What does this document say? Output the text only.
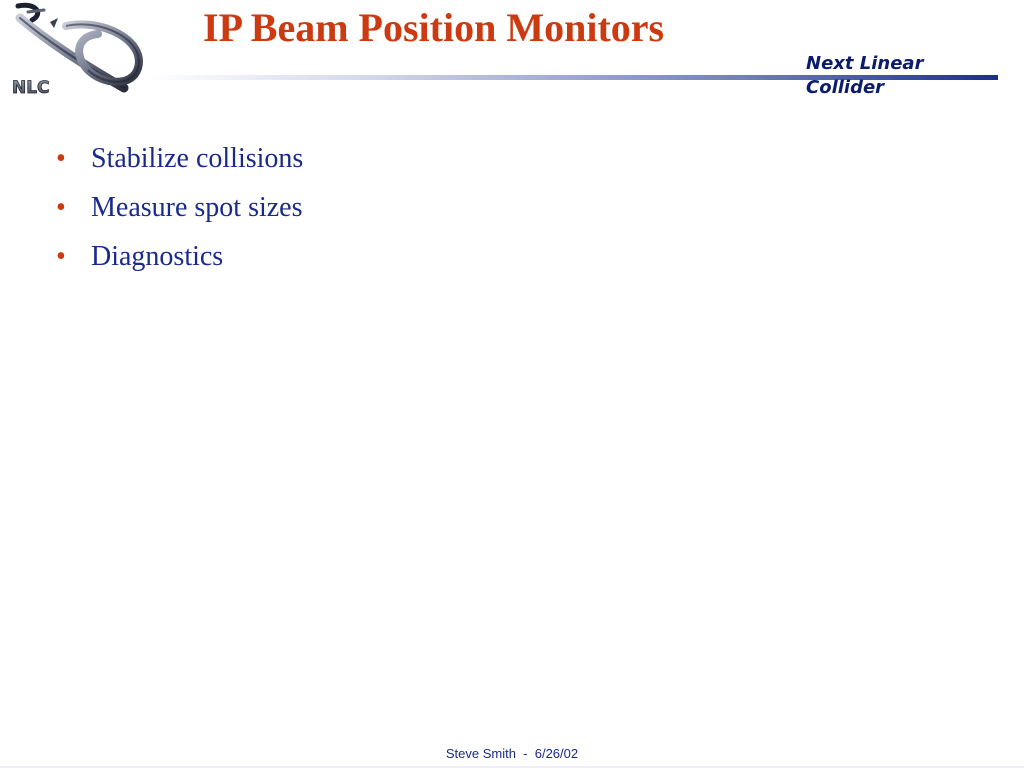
NLC
IP Beam Position Monitors
Next Linear
Collider
• Stabilize collisions
• Measure spot sizes
• Diagnostics
Steve Smith  -  6/26/02
